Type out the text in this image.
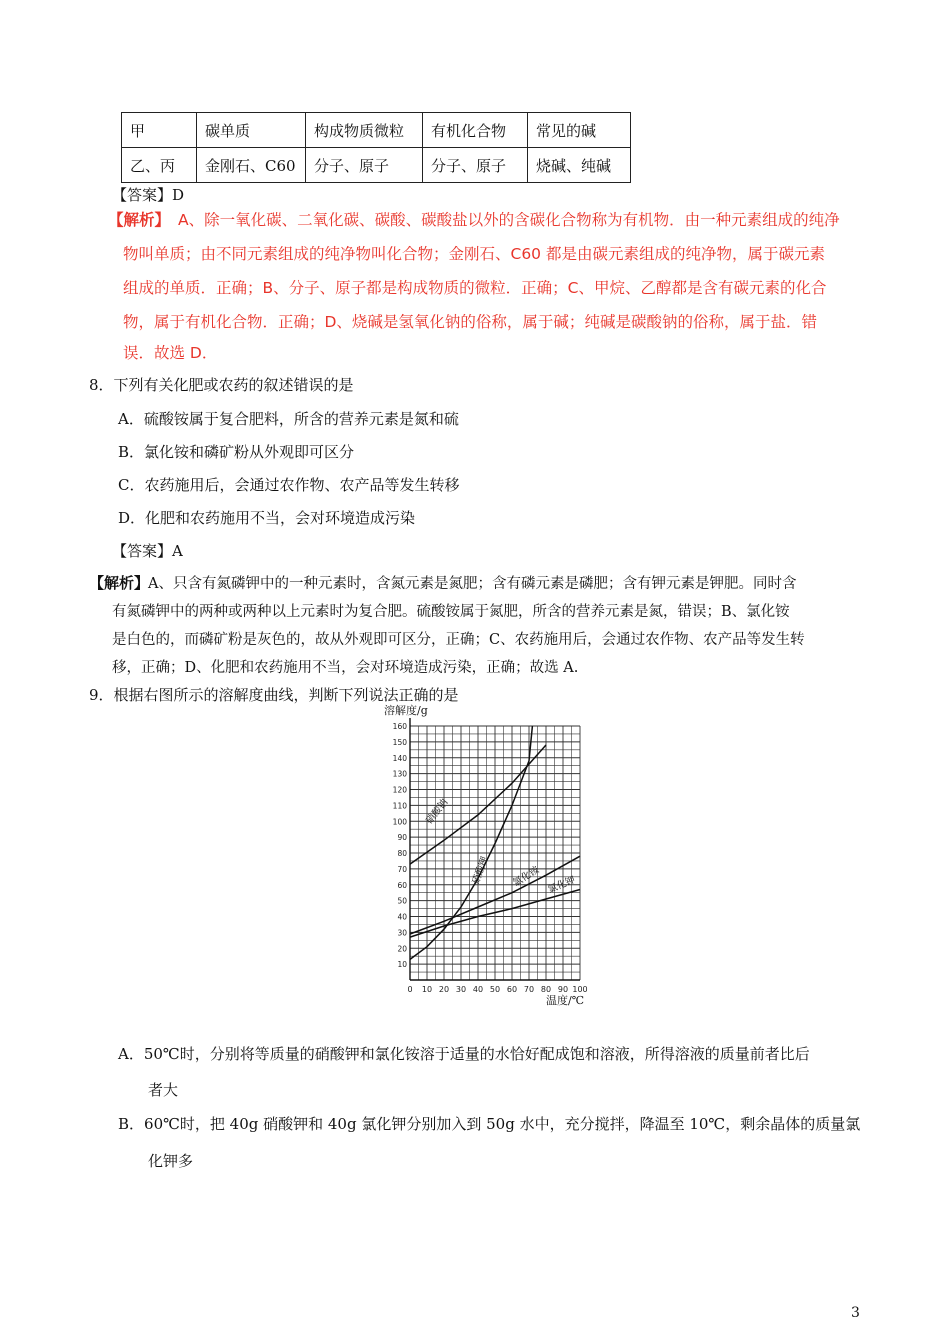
甲	碳单质	构成物质微粒	有机化合物	常见的碱
乙、丙	金刚石、C60	分子、原子	分子、原子	烧碱、纯碱
【答案】D
【解析】 A、除一氧化碳、二氧化碳、碳酸、碳酸盐以外的含碳化合物称为有机物．由一种元素组成的纯净
物叫单质；由不同元素组成的纯净物叫化合物；金刚石、C60 都是由碳元素组成的纯净物，属于碳元素
组成的单质．正确；B、分子、原子都是构成物质的微粒．正确；C、甲烷、乙醇都是含有碳元素的化合
物，属于有机化合物．正确；D、烧碱是氢氧化钠的俗称，属于碱；纯碱是碳酸钠的俗称，属于盐．错
误．故选 D．
8．下列有关化肥或农药的叙述错误的是
A．硫酸铵属于复合肥料，所含的营养元素是氮和硫
B．氯化铵和磷矿粉从外观即可区分
C．农药施用后，会通过农作物、农产品等发生转移
D．化肥和农药施用不当，会对环境造成污染
【答案】A
【解析】
A、只含有氮磷钾中的一种元素时，含氮元素是氮肥；含有磷元素是磷肥；含有钾元素是钾肥。同时含
有氮磷钾中的两种或两种以上元素时为复合肥。硫酸铵属于氮肥，所含的营养元素是氮，错误；B、氯化铵
是白色的，而磷矿粉是灰色的，故从外观即可区分，正确；C、农药施用后，会通过农作物、农产品等发生转
移，正确；D、化肥和农药施用不当，会对环境造成污染，正确；故选 A.
9．根据右图所示的溶解度曲线，判断下列说法正确的是
0 10 20 30 40 50 60 70 80 90 100
10
20
30
40
50
60
70
80
90
100
110
120
130
140
150
160
溶解度/g
温度/℃
硝酸钠
硝酸钾 氯化铵 氯化钾
A．50℃时，分别将等质量的硝酸钾和氯化铵溶于适量的水恰好配成饱和溶液，所得溶液的质量前者比后
者大
B．60℃时，把 40g 硝酸钾和 40g 氯化钾分别加入到 50g 水中，充分搅拌，降温至 10℃，剩余晶体的质量氯
化钾多
3
